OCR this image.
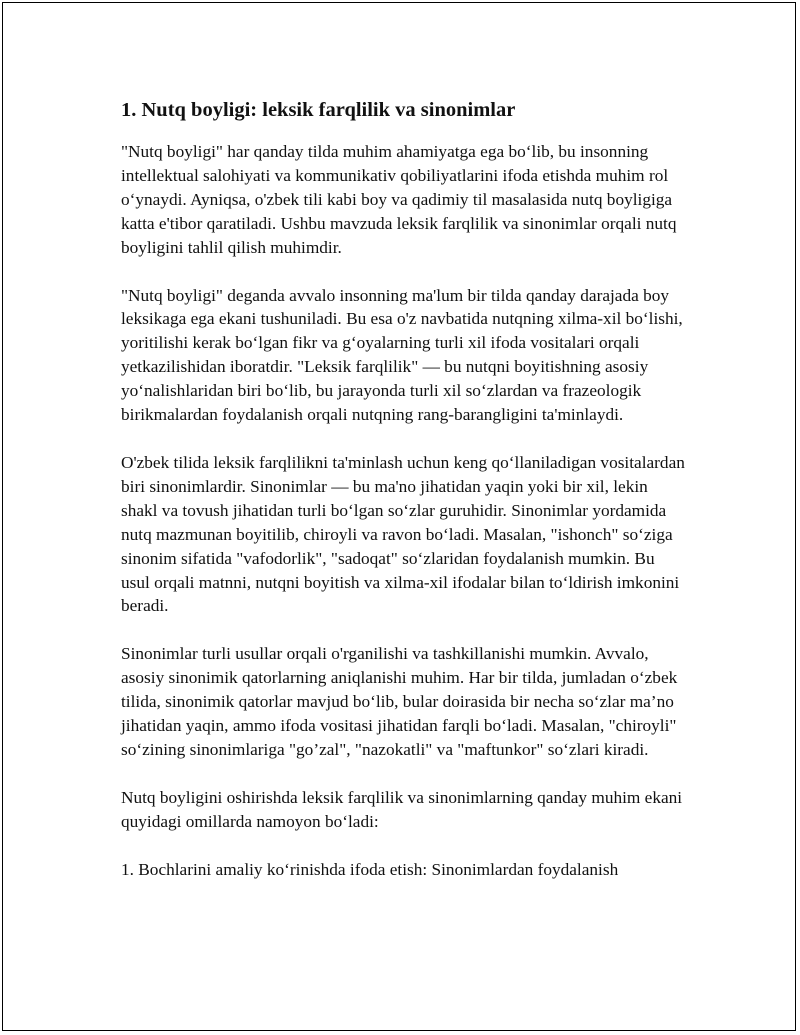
1. Nutq boyligi: leksik farqlilik va sinonimlar

"Nutq boyligi" har qanday tilda muhim ahamiyatga ega bo‘lib, bu insonning intellektual salohiyati va kommunikativ qobiliyatlarini ifoda etishda muhim rol o‘ynaydi. Ayniqsa, o'zbek tili kabi boy va qadimiy til masalasida nutq boyligiga katta e'tibor qaratiladi. Ushbu mavzuda leksik farqlilik va sinonimlar orqali nutq boyligini tahlil qilish muhimdir.

"Nutq boyligi" deganda avvalo insonning ma'lum bir tilda qanday darajada boy leksikaga ega ekani tushuniladi. Bu esa o'z navbatida nutqning xilma-xil bo‘lishi, yoritilishi kerak bo‘lgan fikr va g‘oyalarning turli xil ifoda vositalari orqali yetkazilishidan iboratdir. "Leksik farqlilik" — bu nutqni boyitishning asosiy yo‘nalishlaridan biri bo‘lib, bu jarayonda turli xil so‘zlardan va frazeologik birikmalardan foydalanish orqali nutqning rang-barangligini ta'minlaydi.

O'zbek tilida leksik farqlilikni ta'minlash uchun keng qo‘llaniladigan vositalardan biri sinonimlardir. Sinonimlar — bu ma'no jihatidan yaqin yoki bir xil, lekin shakl va tovush jihatidan turli bo‘lgan so‘zlar guruhidir. Sinonimlar yordamida nutq mazmunan boyitilib, chiroyli va ravon bo‘ladi. Masalan, "ishonch" so‘ziga sinonim sifatida "vafodorlik", "sadoqat" so‘zlaridan foydalanish mumkin. Bu usul orqali matnni, nutqni boyitish va xilma-xil ifodalar bilan to‘ldirish imkonini beradi.

Sinonimlar turli usullar orqali o'rganilishi va tashkillanishi mumkin. Avvalo, asosiy sinonimik qatorlarning aniqlanishi muhim. Har bir tilda, jumladan o‘zbek tilida, sinonimik qatorlar mavjud bo‘lib, bular doirasida bir necha so‘zlar ma’no jihatidan yaqin, ammo ifoda vositasi jihatidan farqli bo‘ladi. Masalan, "chiroyli" so‘zining sinonimlariga "go’zal", "nazokatli" va "maftunkor" so‘zlari kiradi.

Nutq boyligini oshirishda leksik farqlilik va sinonimlarning qanday muhim ekani quyidagi omillarda namoyon bo‘ladi:

1. Bochlarini amaliy ko‘rinishda ifoda etish: Sinonimlardan foydalanish
